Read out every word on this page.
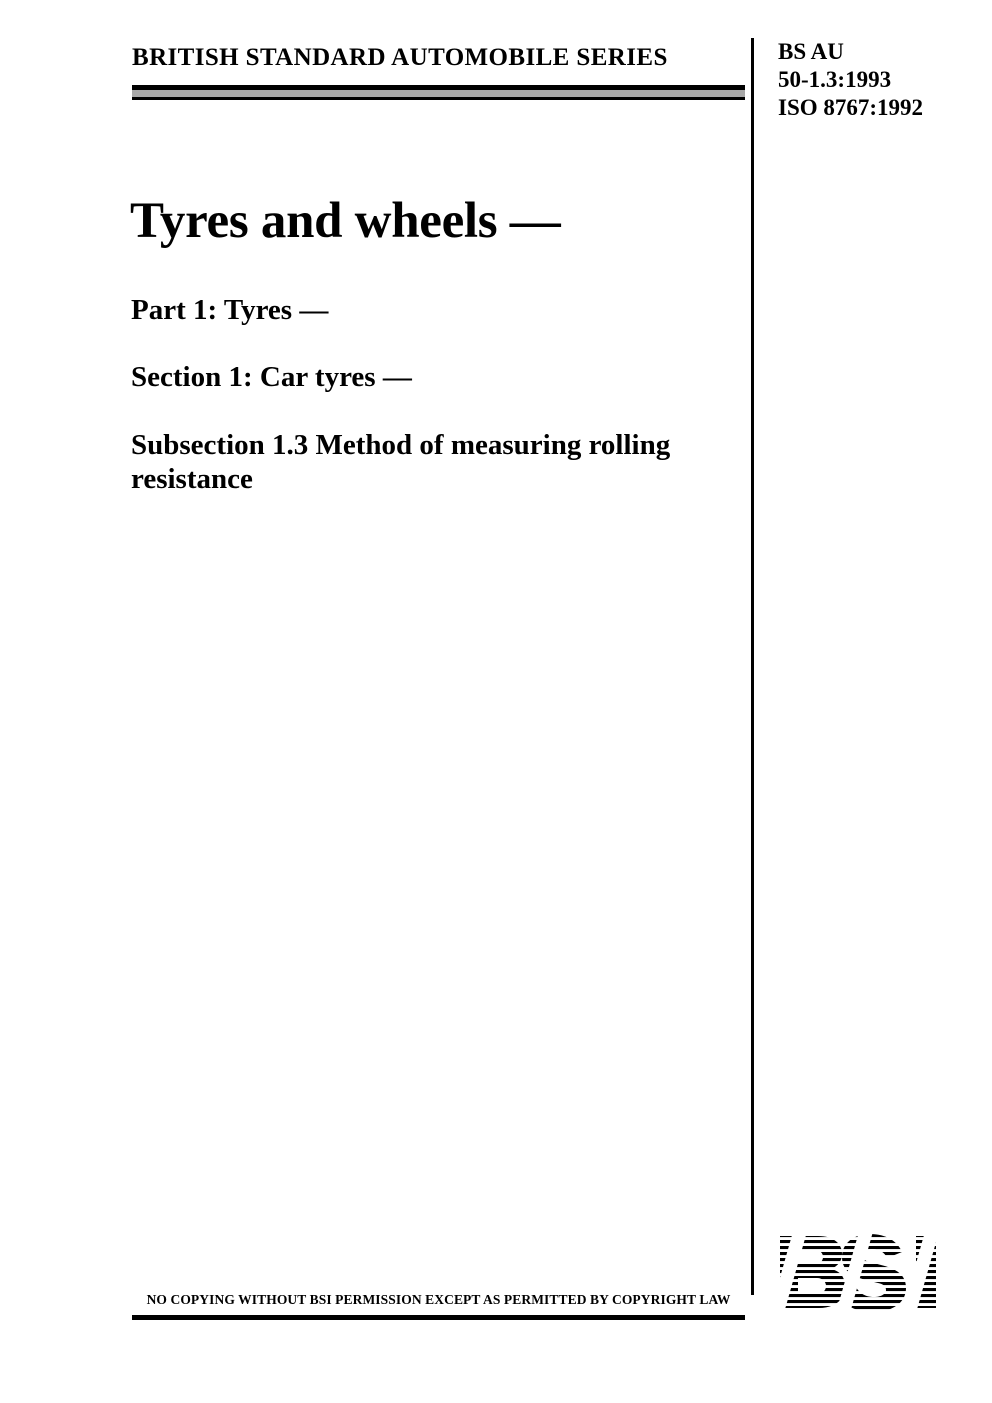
BRITISH STANDARD AUTOMOBILE SERIES	BS AU
50-1.3:1993
ISO 8767:1992
Tyres and wheels —
Part 1: Tyres —
Section 1: Car tyres —
Subsection 1.3 Method of measuring rolling resistance
NO COPYING WITHOUT BSI PERMISSION EXCEPT AS PERMITTED BY COPYRIGHT LAW
